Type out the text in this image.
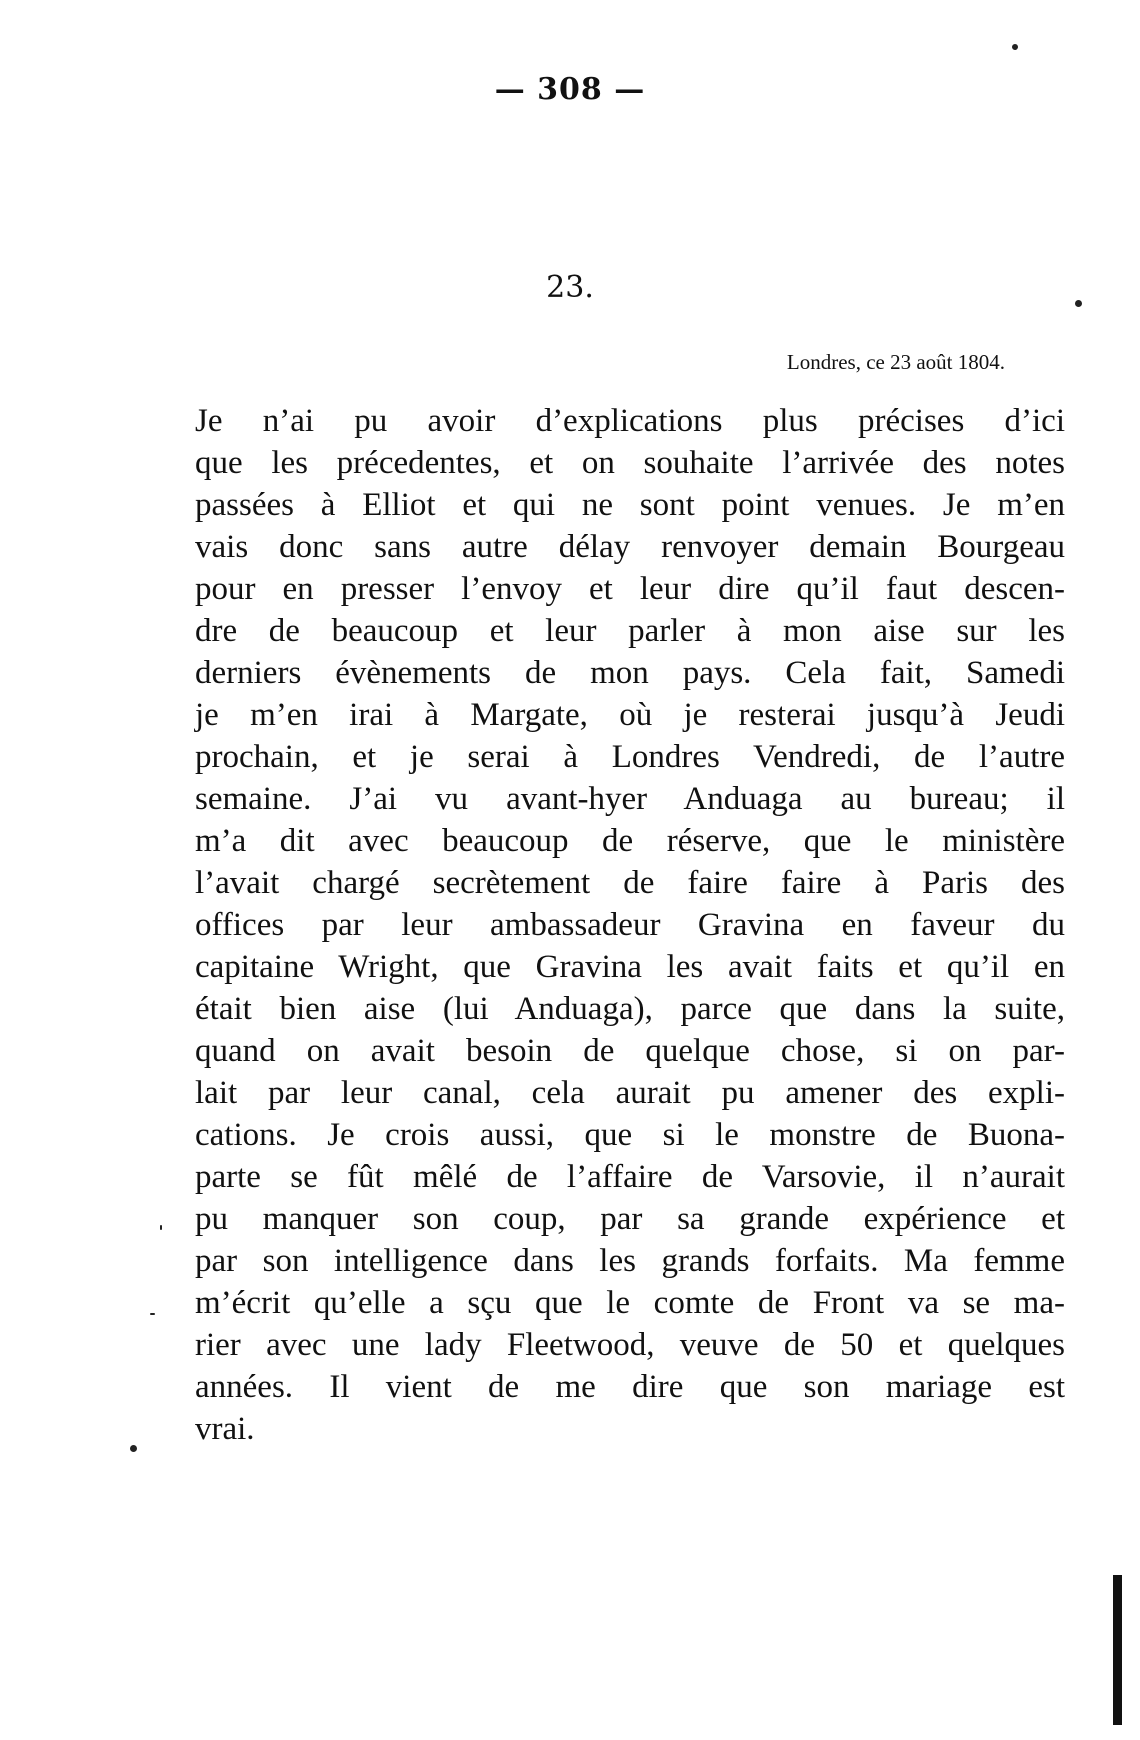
— 308 —
23.
Londres, ce 23 août 1804.
Je n’ai pu avoir d’explications plus précises d’ici
que les précedentes, et on souhaite l’arrivée des notes
passées à Elliot et qui ne sont point venues. Je m’en
vais donc sans autre délay renvoyer demain Bourgeau
pour en presser l’envoy et leur dire qu’il faut descen-
dre de beaucoup et leur parler à mon aise sur les
derniers évènements de mon pays. Cela fait, Samedi
je m’en irai à Margate, où je resterai jusqu’à Jeudi
prochain, et je serai à Londres Vendredi, de l’autre
semaine. J’ai vu avant-hyer Anduaga au bureau; il
m’a dit avec beaucoup de réserve, que le ministère
l’avait chargé secrètement de faire faire à Paris des
offices par leur ambassadeur Gravina en faveur du
capitaine Wright, que Gravina les avait faits et qu’il en
était bien aise (lui Anduaga), parce que dans la suite,
quand on avait besoin de quelque chose, si on par-
lait par leur canal, cela aurait pu amener des expli-
cations. Je crois aussi, que si le monstre de Buona-
parte se fût mêlé de l’affaire de Varsovie, il n’aurait
pu manquer son coup, par sa grande expérience et
par son intelligence dans les grands forfaits. Ma femme
m’écrit qu’elle a sçu que le comte de Front va se ma-
rier avec une lady Fleetwood, veuve de 50 et quelques
années. Il vient de me dire que son mariage est
vrai.
